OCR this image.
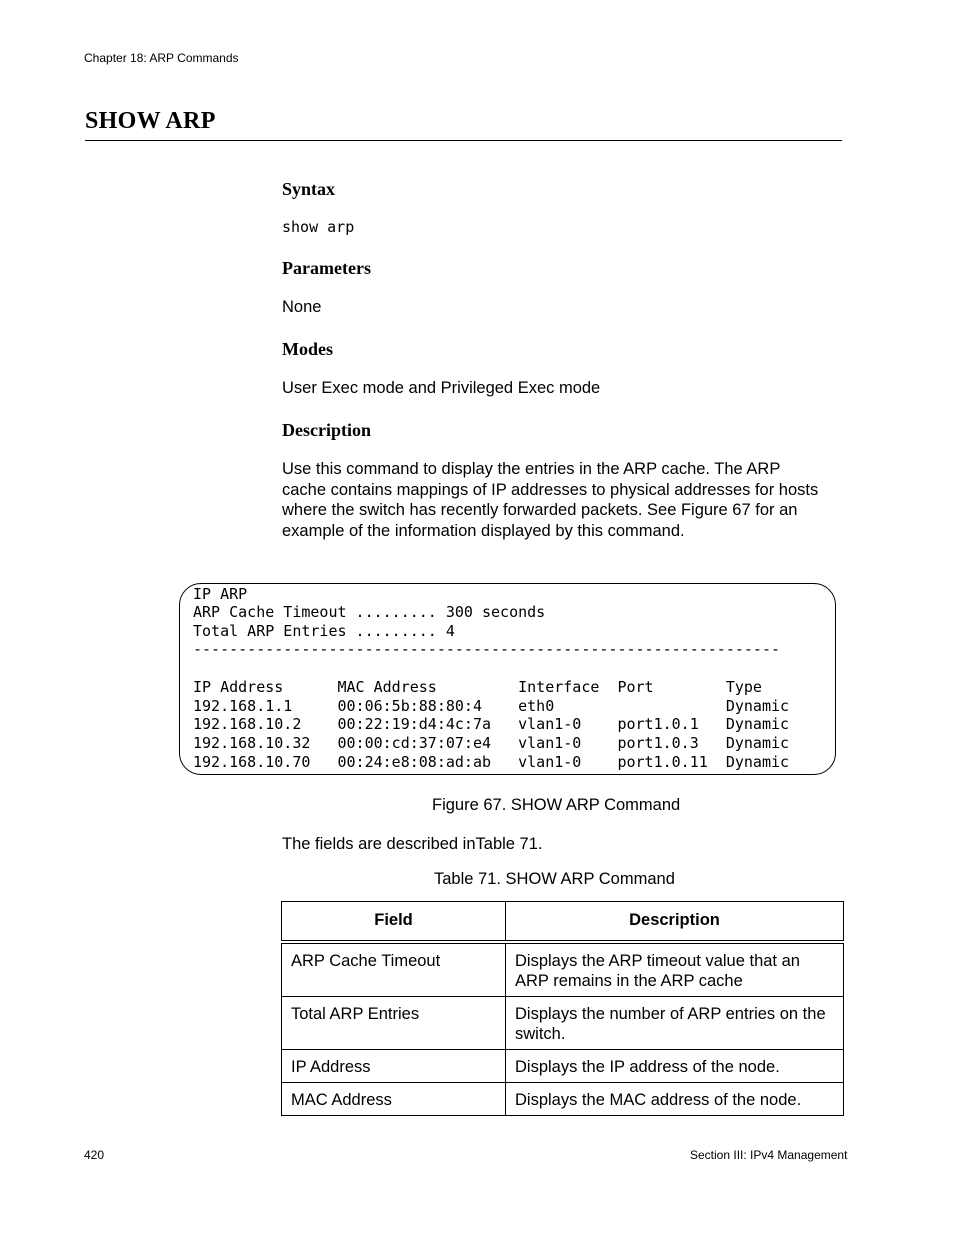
Chapter 18: ARP Commands
SHOW ARP
Syntax
show arp
Parameters
None
Modes
User Exec mode and Privileged Exec mode
Description
Use this command to display the entries in the ARP cache. The ARP
cache contains mappings of IP addresses to physical addresses for hosts
where the switch has recently forwarded packets. See Figure 67 for an
example of the information displayed by this command.
IP ARP
ARP Cache Timeout ......... 300 seconds
Total ARP Entries ......... 4
-----------------------------------------------------------------
IP Address      MAC Address         Interface  Port        Type
192.168.1.1     00:06:5b:88:80:4    eth0                   Dynamic
192.168.10.2    00:22:19:d4:4c:7a   vlan1-0    port1.0.1   Dynamic
192.168.10.32   00:00:cd:37:07:e4   vlan1-0    port1.0.3   Dynamic
192.168.10.70   00:24:e8:08:ad:ab   vlan1-0    port1.0.11  Dynamic
Figure 67. SHOW ARP Command
The fields are described inTable 71.
Table 71. SHOW ARP Command
Field	Description
ARP Cache Timeout	Displays the ARP timeout value that an ARP remains in the ARP cache
Total ARP Entries	Displays the number of ARP entries on the switch.
IP Address	Displays the IP address of the node.
MAC Address	Displays the MAC address of the node.
420	Section III: IPv4 Management
